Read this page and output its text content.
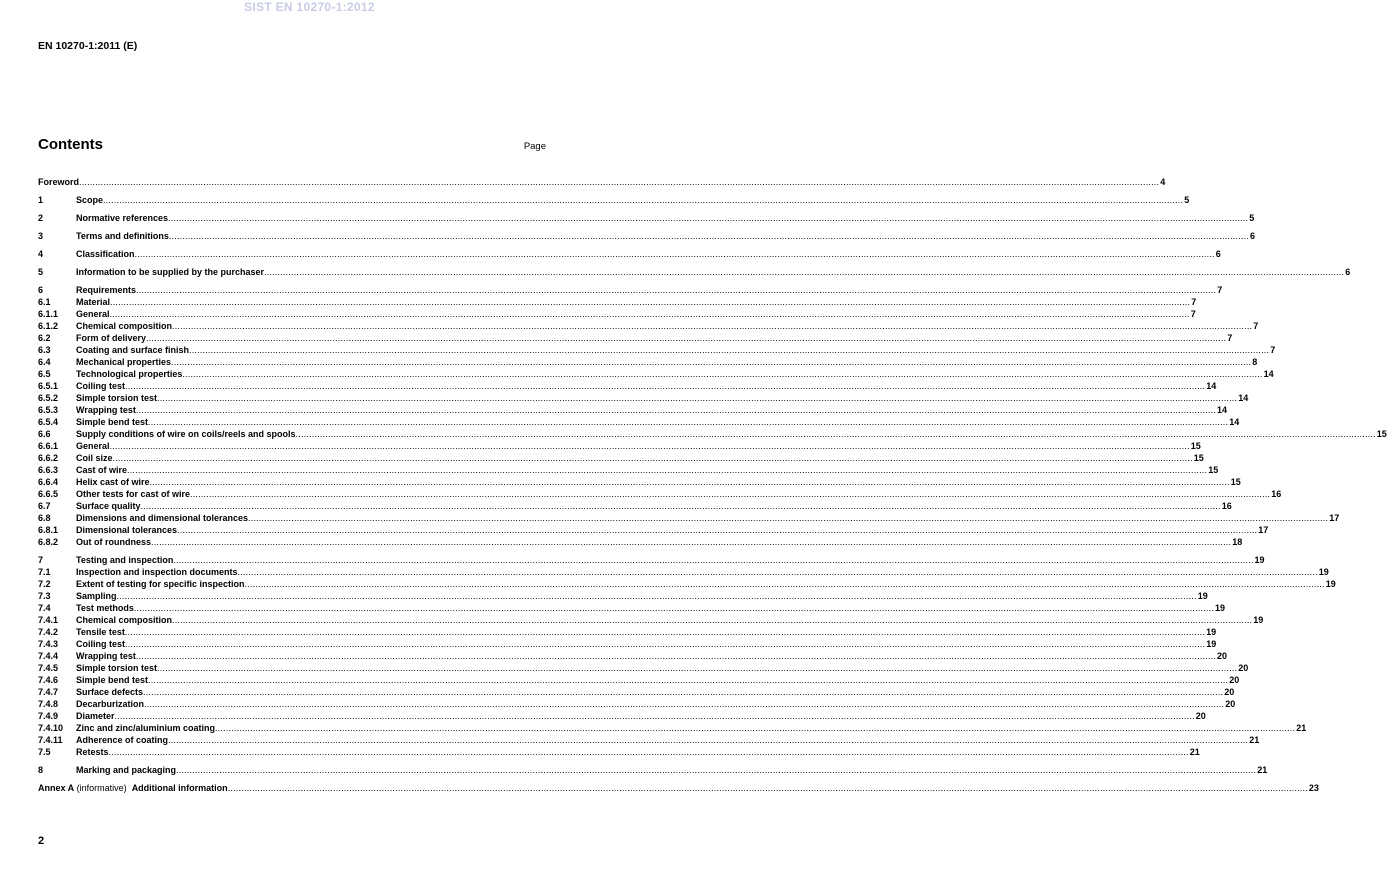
SIST EN 10270-1:2012
EN 10270-1:2011 (E)
Contents	Page
Foreword ................................................................................................................................................................................................................................................................................................................................................................................................................ 4
1	Scope ................................................................................................................................................................................................................................................................................................................................................................................................................ 5
2	Normative references ................................................................................................................................................................................................................................................................................................................................................................................................................ 5
3	Terms and definitions ................................................................................................................................................................................................................................................................................................................................................................................................................ 6
4	Classification ................................................................................................................................................................................................................................................................................................................................................................................................................ 6
5	Information to be supplied by the purchaser ................................................................................................................................................................................................................................................................................................................................................................................................................ 6
6	Requirements ................................................................................................................................................................................................................................................................................................................................................................................................................ 7
6.1	Material ................................................................................................................................................................................................................................................................................................................................................................................................................ 7
6.1.1	General ................................................................................................................................................................................................................................................................................................................................................................................................................ 7
6.1.2	Chemical composition ................................................................................................................................................................................................................................................................................................................................................................................................................ 7
6.2	Form of delivery ................................................................................................................................................................................................................................................................................................................................................................................................................ 7
6.3	Coating and surface finish ................................................................................................................................................................................................................................................................................................................................................................................................................ 7
6.4	Mechanical properties ................................................................................................................................................................................................................................................................................................................................................................................................................ 8
6.5	Technological properties ................................................................................................................................................................................................................................................................................................................................................................................................................ 14
6.5.1	Coiling test ................................................................................................................................................................................................................................................................................................................................................................................................................ 14
6.5.2	Simple torsion test ................................................................................................................................................................................................................................................................................................................................................................................................................ 14
6.5.3	Wrapping test ................................................................................................................................................................................................................................................................................................................................................................................................................ 14
6.5.4	Simple bend test ................................................................................................................................................................................................................................................................................................................................................................................................................ 14
6.6	Supply conditions of wire on coils/reels and spools ................................................................................................................................................................................................................................................................................................................................................................................................................ 15
6.6.1	General ................................................................................................................................................................................................................................................................................................................................................................................................................ 15
6.6.2	Coil size ................................................................................................................................................................................................................................................................................................................................................................................................................ 15
6.6.3	Cast of wire ................................................................................................................................................................................................................................................................................................................................................................................................................ 15
6.6.4	Helix cast of wire ................................................................................................................................................................................................................................................................................................................................................................................................................ 15
6.6.5	Other tests for cast of wire ................................................................................................................................................................................................................................................................................................................................................................................................................ 16
6.7	Surface quality ................................................................................................................................................................................................................................................................................................................................................................................................................ 16
6.8	Dimensions and dimensional tolerances ................................................................................................................................................................................................................................................................................................................................................................................................................ 17
6.8.1	Dimensional tolerances ................................................................................................................................................................................................................................................................................................................................................................................................................ 17
6.8.2	Out of roundness ................................................................................................................................................................................................................................................................................................................................................................................................................ 18
7	Testing and inspection ................................................................................................................................................................................................................................................................................................................................................................................................................ 19
7.1	Inspection and inspection documents ................................................................................................................................................................................................................................................................................................................................................................................................................ 19
7.2	Extent of testing for specific inspection ................................................................................................................................................................................................................................................................................................................................................................................................................ 19
7.3	Sampling ................................................................................................................................................................................................................................................................................................................................................................................................................ 19
7.4	Test methods ................................................................................................................................................................................................................................................................................................................................................................................................................ 19
7.4.1	Chemical composition ................................................................................................................................................................................................................................................................................................................................................................................................................ 19
7.4.2	Tensile test ................................................................................................................................................................................................................................................................................................................................................................................................................ 19
7.4.3	Coiling test ................................................................................................................................................................................................................................................................................................................................................................................................................ 19
7.4.4	Wrapping test ................................................................................................................................................................................................................................................................................................................................................................................................................ 20
7.4.5	Simple torsion test ................................................................................................................................................................................................................................................................................................................................................................................................................ 20
7.4.6	Simple bend test ................................................................................................................................................................................................................................................................................................................................................................................................................ 20
7.4.7	Surface defects ................................................................................................................................................................................................................................................................................................................................................................................................................ 20
7.4.8	Decarburization ................................................................................................................................................................................................................................................................................................................................................................................................................ 20
7.4.9	Diameter ................................................................................................................................................................................................................................................................................................................................................................................................................ 20
7.4.10	Zinc and zinc/aluminium coating ................................................................................................................................................................................................................................................................................................................................................................................................................ 21
7.4.11	Adherence of coating ................................................................................................................................................................................................................................................................................................................................................................................................................ 21
7.5	Retests ................................................................................................................................................................................................................................................................................................................................................................................................................ 21
8	Marking and packaging ................................................................................................................................................................................................................................................................................................................................................................................................................ 21
Annex A (informative)  Additional information ................................................................................................................................................................................................................................................................................................................................................................................................................ 23
2
